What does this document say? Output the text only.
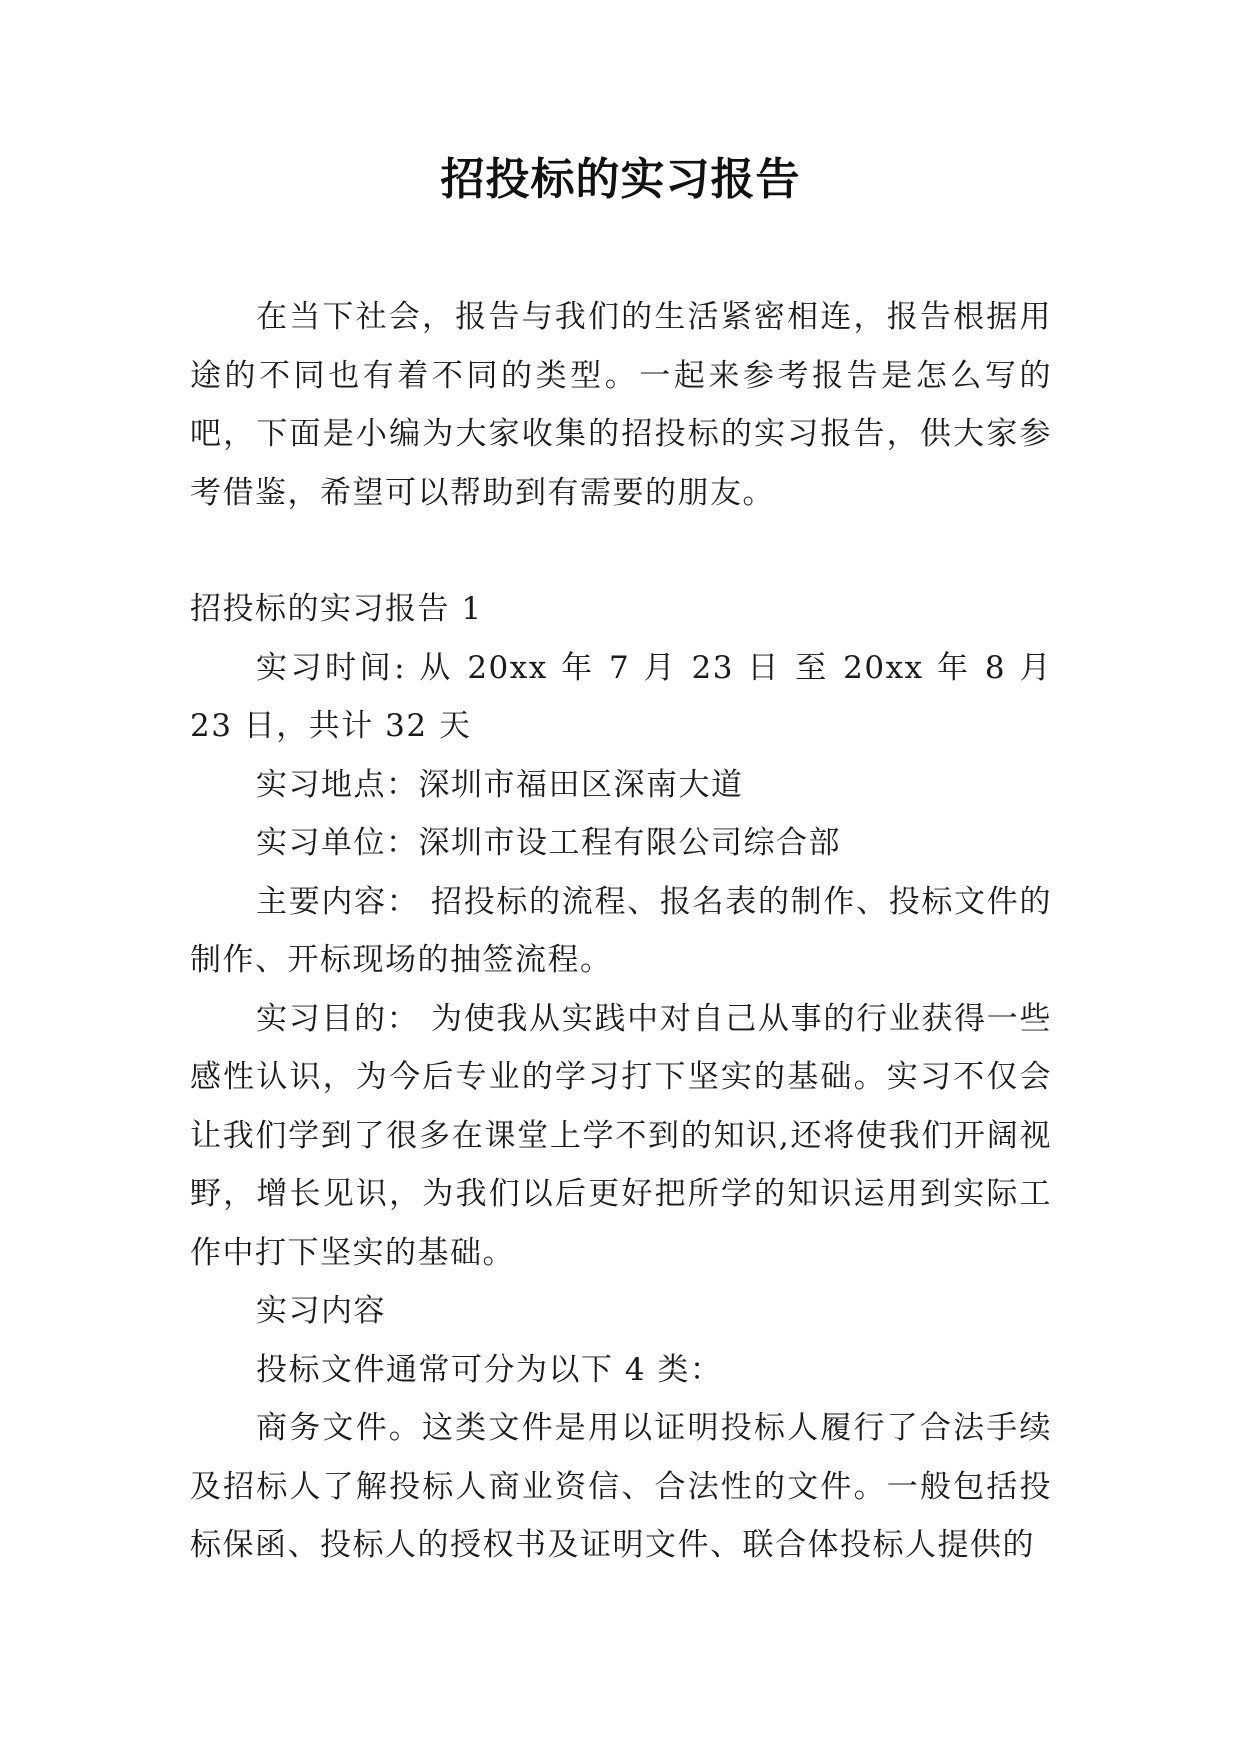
招投标的实习报告

在当下社会，报告与我们的生活紧密相连，报告根据用途的不同也有着不同的类型。一起来参考报告是怎么写的吧，下面是小编为大家收集的招投标的实习报告，供大家参考借鉴，希望可以帮助到有需要的朋友。

招投标的实习报告 1

实习时间: 从 20xx 年 7 月 23 日 至 20xx 年 8 月 23 日，共计 32 天

实习地点：深圳市福田区深南大道

实习单位：深圳市设工程有限公司综合部

主要内容： 招投标的流程、报名表的制作、投标文件的制作、开标现场的抽签流程。

实习目的： 为使我从实践中对自己从事的行业获得一些感性认识，为今后专业的学习打下坚实的基础。实习不仅会让我们学到了很多在课堂上学不到的知识,还将使我们开阔视野，增长见识，为我们以后更好把所学的知识运用到实际工作中打下坚实的基础。

实习内容

投标文件通常可分为以下 4 类：

商务文件。这类文件是用以证明投标人履行了合法手续及招标人了解投标人商业资信、合法性的文件。一般包括投标保函、投标人的授权书及证明文件、联合体投标人提供的
